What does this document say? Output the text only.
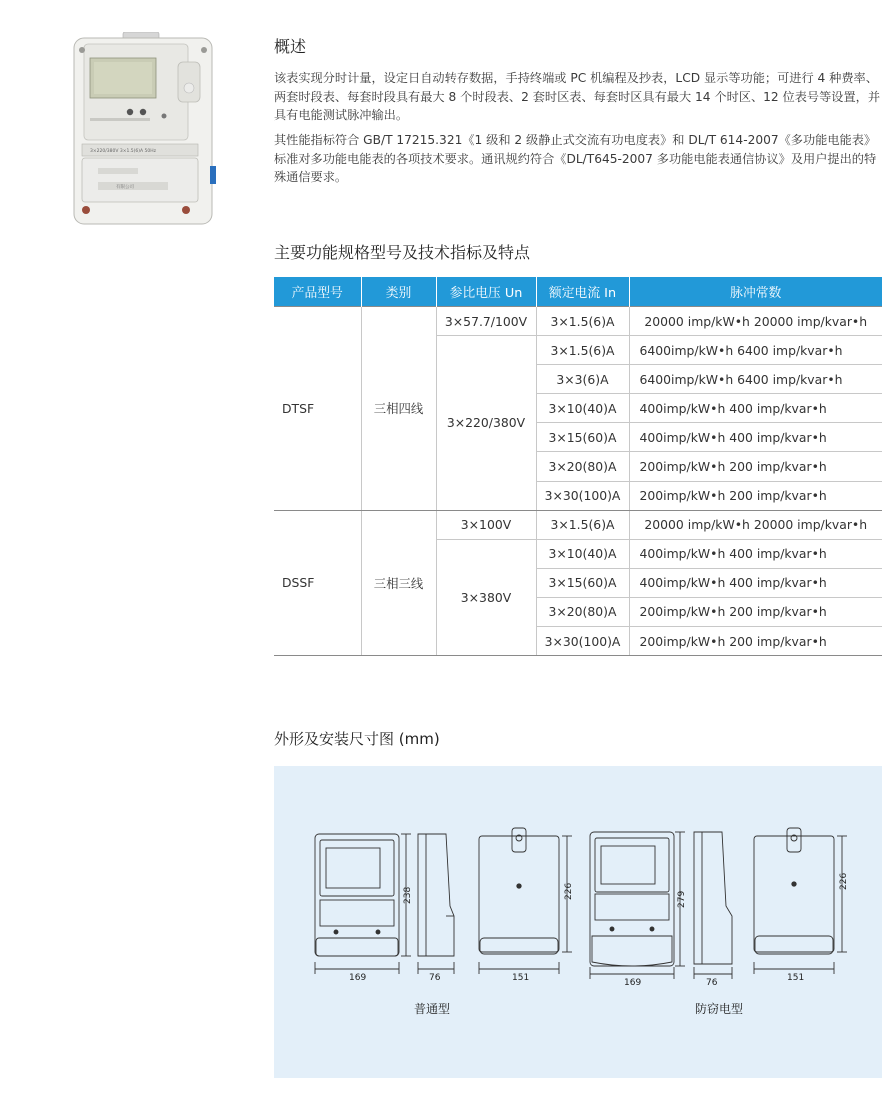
3×220/380V 3×1.5(6)A 50Hz
有限公司
概述

该表实现分时计量，设定日自动转存数据，手持终端或 PC 机编程及抄表，LCD 显示等功能；可进行 4 种费率、两套时段表、每套时段具有最大 8 个时段表、2 套时区表、每套时区具有最大 14 个时区、12 位表号等设置，并具有电能测试脉冲输出。

其性能指标符合 GB/T 17215.321《1 级和 2 级静止式交流有功电度表》和 DL/T 614-2007《多功能电能表》标准对多功能电能表的各项技术要求。通讯规约符合《DL/T645-2007 多功能电能表通信协议》及用户提出的特殊通信要求。

主要功能规格型号及技术指标及特点
产品型号	类别	参比电压 Un	额定电流 In	脉冲常数
DTSF	三相四线	3×57.7/100V	3×1.5(6)A	20000 imp/kW•h 20000 imp/kvar•h
		3×220/380V	3×1.5(6)A	6400imp/kW•h 6400 imp/kvar•h
			3×3(6)A	6400imp/kW•h 6400 imp/kvar•h
			3×10(40)A	400imp/kW•h 400 imp/kvar•h
			3×15(60)A	400imp/kW•h 400 imp/kvar•h
			3×20(80)A	200imp/kW•h 200 imp/kvar•h
			3×30(100)A	200imp/kW•h 200 imp/kvar•h
DSSF	三相三线	3×100V	3×1.5(6)A	20000 imp/kW•h 20000 imp/kvar•h
		3×380V	3×10(40)A	400imp/kW•h 400 imp/kvar•h
			3×15(60)A	400imp/kW•h 400 imp/kvar•h
			3×20(80)A	200imp/kW•h 200 imp/kvar•h
			3×30(100)A	200imp/kW•h 200 imp/kvar•h
外形及安装尺寸图 (mm)
238
169	76
226
151
279
169	76
226
151
普通型	防窃电型
